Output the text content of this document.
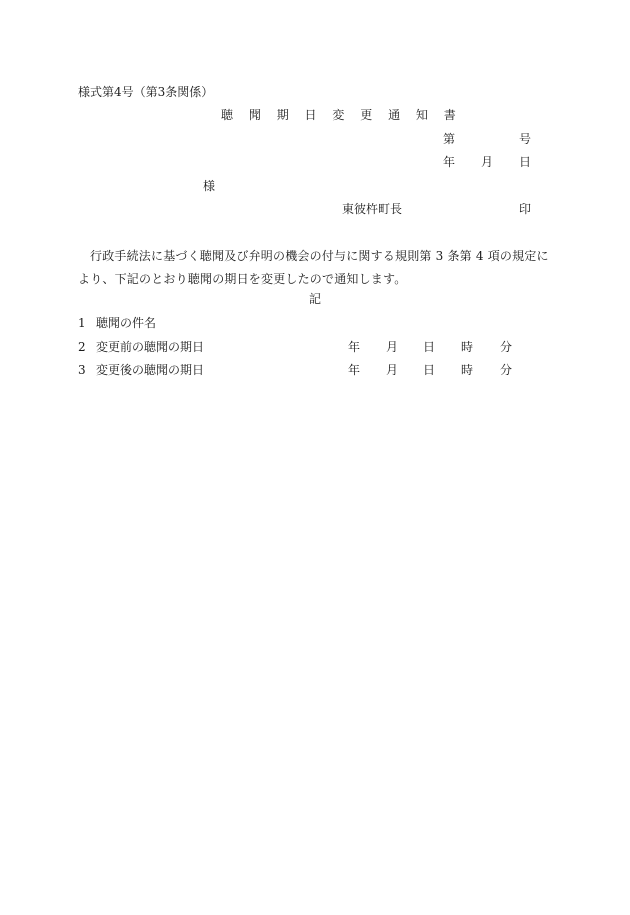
様式第4号（第3条関係）
聴 聞 期 日 変 更 通 知 書
第	号
年 月 日
様
東彼杵町長	印
行政手続法に基づく聴聞及び弁明の機会の付与に関する規則第 3 条第 4 項の規定により、下記のとおり聴聞の期日を変更したので通知します。
記
1 聴聞の件名
2 変更前の聴聞の期日	年 月 日 時 分
3 変更後の聴聞の期日	年 月 日 時 分
